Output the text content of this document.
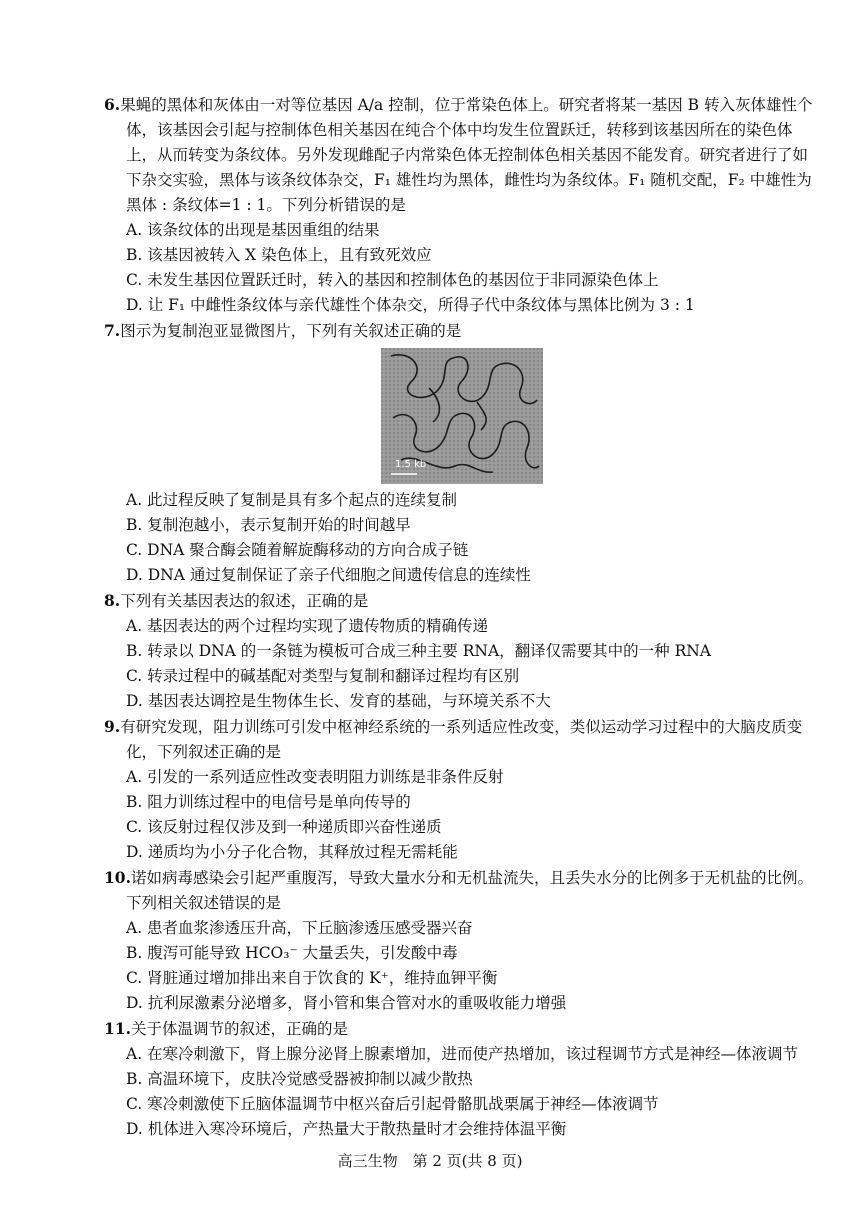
6.果蝇的黑体和灰体由一对等位基因 A/a 控制，位于常染色体上。研究者将某一基因 B 转入灰体雄性个体，该基因会引起与控制体色相关基因在纯合个体中均发生位置跃迁，转移到该基因所在的染色体上，从而转变为条纹体。另外发现雌配子内常染色体无控制体色相关基因不能发育。研究者进行了如下杂交实验，黑体与该条纹体杂交，F₁ 雄性均为黑体，雌性均为条纹体。F₁ 随机交配，F₂ 中雄性为黑体 : 条纹体=1 : 1。下列分析错误的是

A. 该条纹体的出现是基因重组的结果

B. 该基因被转入 X 染色体上，且有致死效应

C. 未发生基因位置跃迁时，转入的基因和控制体色的基因位于非同源染色体上

D. 让 F₁ 中雌性条纹体与亲代雄性个体杂交，所得子代中条纹体与黑体比例为 3 : 1

7.图示为复制泡亚显微图片，下列有关叙述正确的是

1.5 kb

A. 此过程反映了复制是具有多个起点的连续复制

B. 复制泡越小，表示复制开始的时间越早

C. DNA 聚合酶会随着解旋酶移动的方向合成子链

D. DNA 通过复制保证了亲子代细胞之间遗传信息的连续性

8.下列有关基因表达的叙述，正确的是

A. 基因表达的两个过程均实现了遗传物质的精确传递

B. 转录以 DNA 的一条链为模板可合成三种主要 RNA，翻译仅需要其中的一种 RNA

C. 转录过程中的碱基配对类型与复制和翻译过程均有区别

D. 基因表达调控是生物体生长、发育的基础，与环境关系不大

9.有研究发现，阻力训练可引发中枢神经系统的一系列适应性改变，类似运动学习过程中的大脑皮质变化，下列叙述正确的是

A. 引发的一系列适应性改变表明阻力训练是非条件反射

B. 阻力训练过程中的电信号是单向传导的

C. 该反射过程仅涉及到一种递质即兴奋性递质

D. 递质均为小分子化合物，其释放过程无需耗能

10.诺如病毒感染会引起严重腹泻，导致大量水分和无机盐流失，且丢失水分的比例多于无机盐的比例。下列相关叙述错误的是

A. 患者血浆渗透压升高，下丘脑渗透压感受器兴奋

B. 腹泻可能导致 HCO₃⁻ 大量丢失，引发酸中毒

C. 肾脏通过增加排出来自于饮食的 K⁺，维持血钾平衡

D. 抗利尿激素分泌增多，肾小管和集合管对水的重吸收能力增强

11.关于体温调节的叙述，正确的是

A. 在寒冷刺激下，肾上腺分泌肾上腺素增加，进而使产热增加，该过程调节方式是神经—体液调节

B. 高温环境下，皮肤冷觉感受器被抑制以减少散热

C. 寒冷刺激使下丘脑体温调节中枢兴奋后引起骨骼肌战栗属于神经—体液调节

D. 机体进入寒冷环境后，产热量大于散热量时才会维持体温平衡

高三生物　第 2 页(共 8 页)
